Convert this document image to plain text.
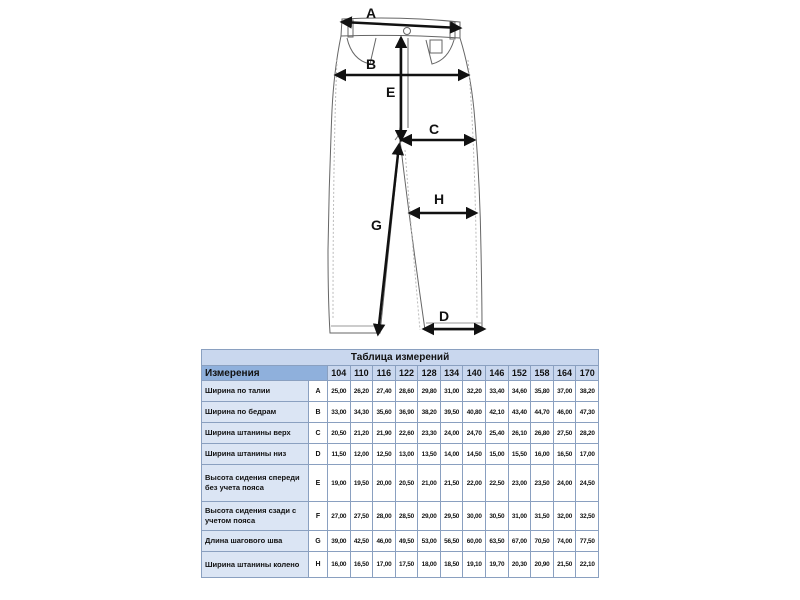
A
B
E
C
H
G
D
Таблица измерений													
Измерения		104	110	116	122	128	134	140	146	152	158	164	170
Ширина по талии	A	25,00	26,20	27,40	28,60	29,80	31,00	32,20	33,40	34,60	35,80	37,00	38,20
Ширина по бедрам	B	33,00	34,30	35,60	36,90	38,20	39,50	40,80	42,10	43,40	44,70	46,00	47,30
Ширина штанины верх	C	20,50	21,20	21,90	22,60	23,30	24,00	24,70	25,40	26,10	26,80	27,50	28,20
Ширина штанины низ	D	11,50	12,00	12,50	13,00	13,50	14,00	14,50	15,00	15,50	16,00	16,50	17,00
Высота сидения спереди без учета пояса	E	19,00	19,50	20,00	20,50	21,00	21,50	22,00	22,50	23,00	23,50	24,00	24,50
Высота сидения сзади с учетом пояса	F	27,00	27,50	28,00	28,50	29,00	29,50	30,00	30,50	31,00	31,50	32,00	32,50
Длина шагового шва	G	39,00	42,50	46,00	49,50	53,00	56,50	60,00	63,50	67,00	70,50	74,00	77,50
Ширина штанины колено	H	16,00	16,50	17,00	17,50	18,00	18,50	19,10	19,70	20,30	20,90	21,50	22,10
